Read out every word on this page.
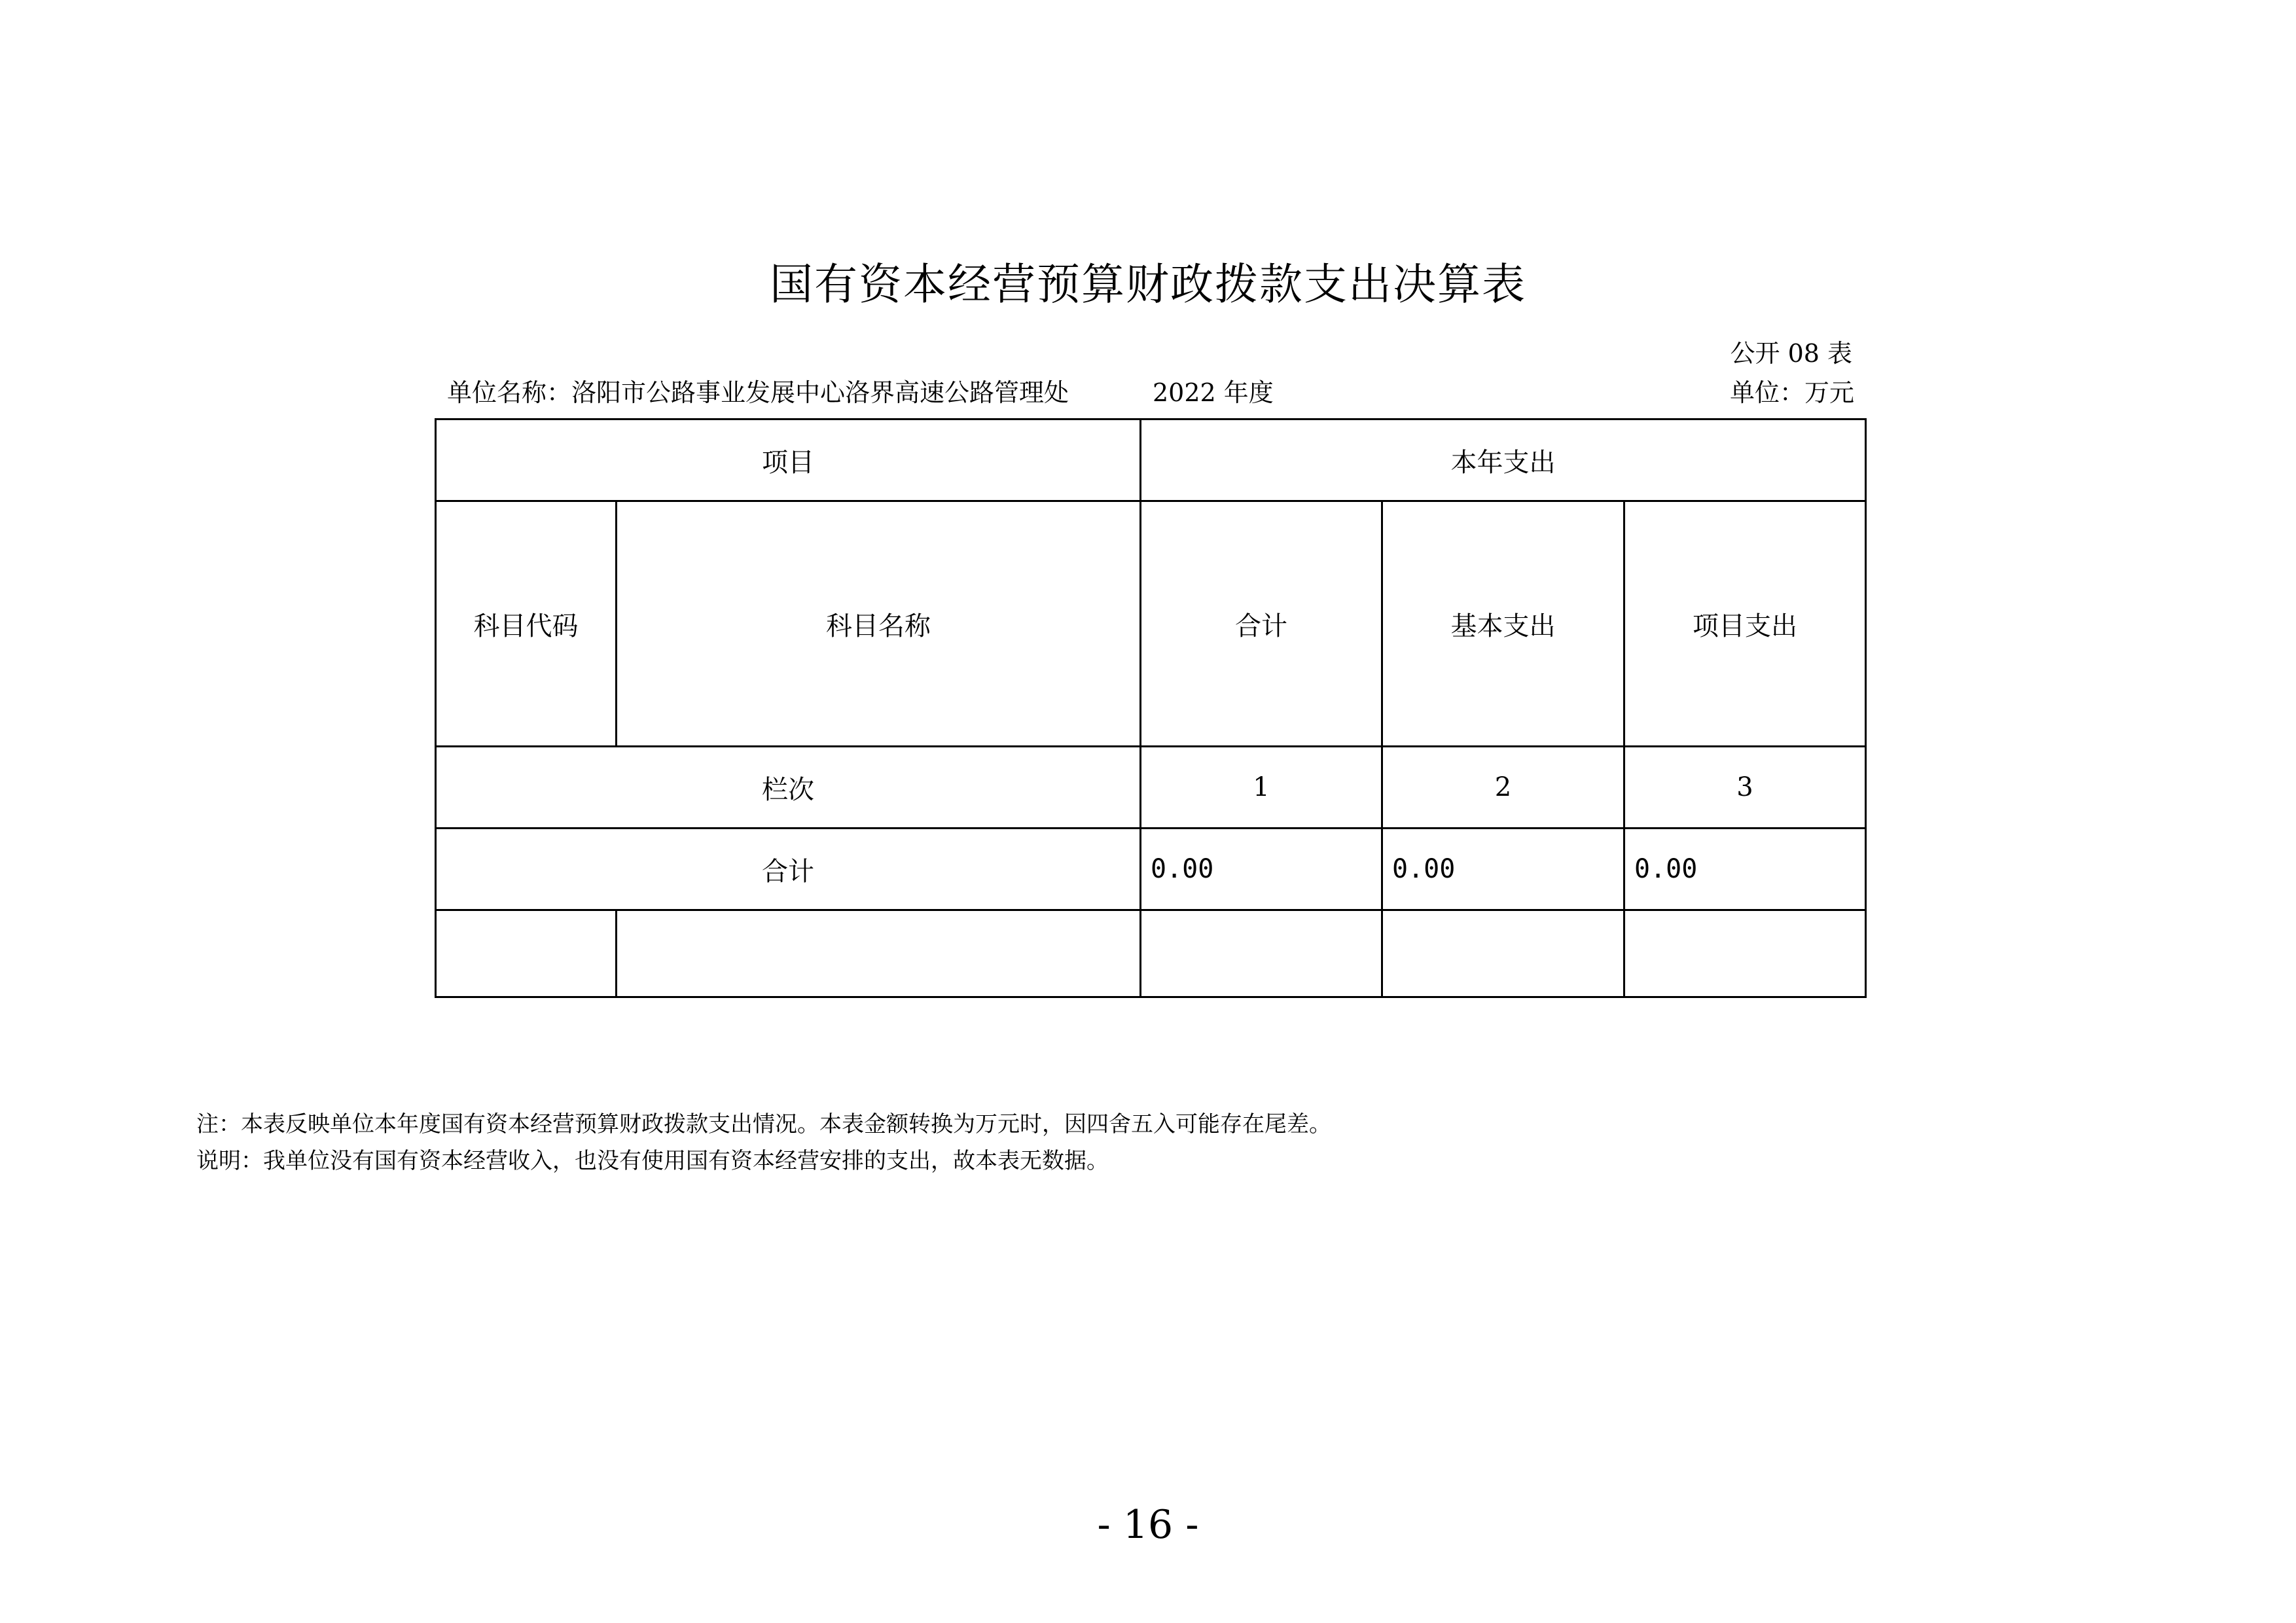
国有资本经营预算财政拨款支出决算表
公开 08 表
单位名称：洛阳市公路事业发展中心洛界高速公路管理处	2022 年度	单位：万元
项目		本年支出		
科目代码	科目名称	合计	基本支出	项目支出
栏次		1	2	3
合计		0.00	0.00	0.00

注：本表反映单位本年度国有资本经营预算财政拨款支出情况。本表金额转换为万元时，因四舍五入可能存在尾差。
说明：我单位没有国有资本经营收入，也没有使用国有资本经营安排的支出，故本表无数据。
- 16 -
